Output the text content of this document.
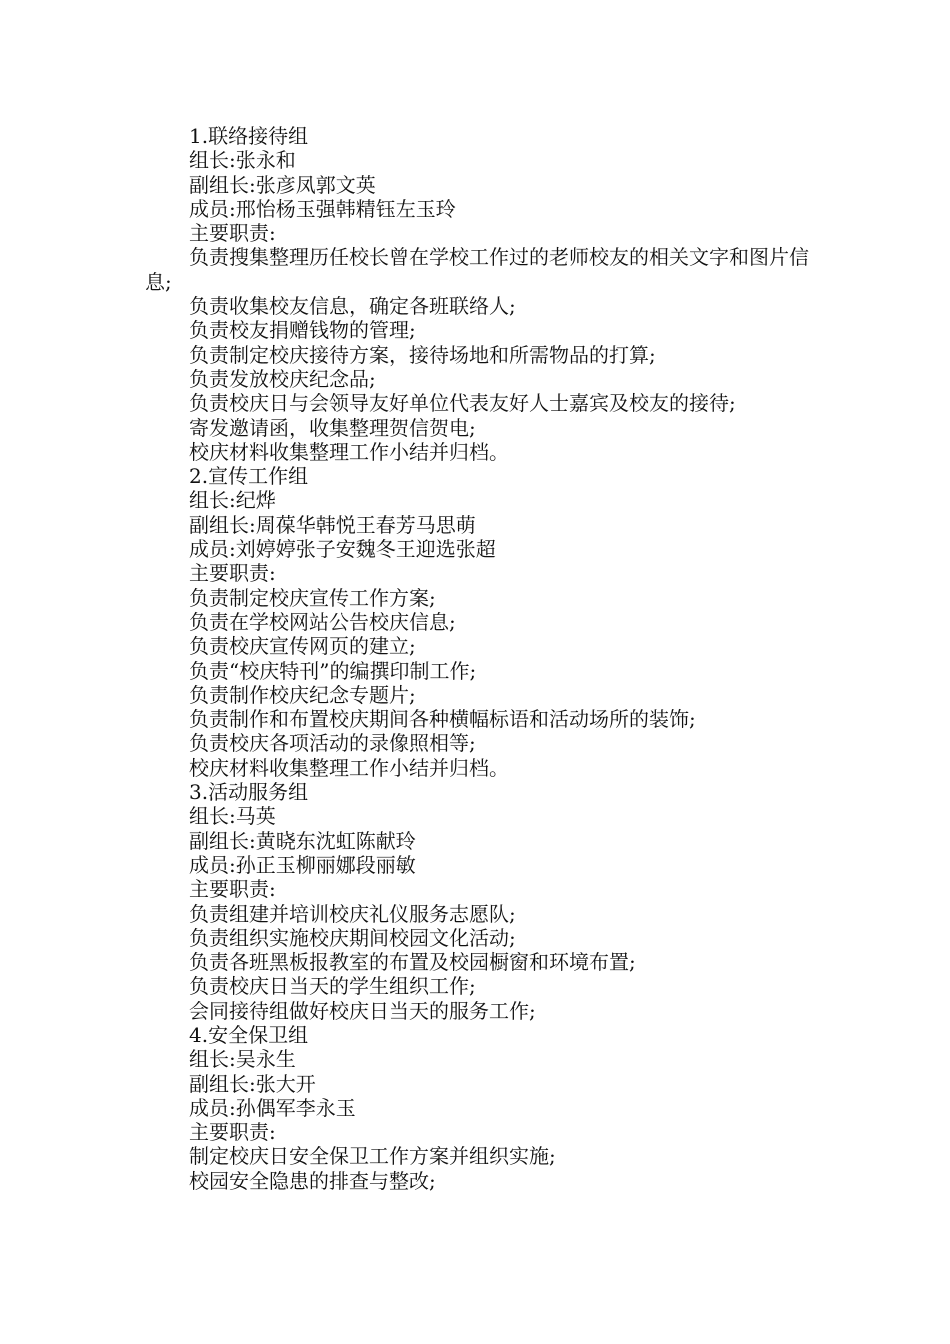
1.联络接待组

组长:张永和

副组长:张彦凤郭文英

成员:邢怡杨玉强韩精钰左玉玲

主要职责:

负责搜集整理历任校长曾在学校工作过的老师校友的相关文字和图片信息;

负责收集校友信息，确定各班联络人;

负责校友捐赠钱物的管理;

负责制定校庆接待方案，接待场地和所需物品的打算;

负责发放校庆纪念品;

负责校庆日与会领导友好单位代表友好人士嘉宾及校友的接待;

寄发邀请函，收集整理贺信贺电;

校庆材料收集整理工作小结并归档。

2.宣传工作组

组长:纪烨

副组长:周葆华韩悦王春芳马思萌

成员:刘婷婷张子安魏冬王迎选张超

主要职责:

负责制定校庆宣传工作方案;

负责在学校网站公告校庆信息;

负责校庆宣传网页的建立;

负责“校庆特刊”的编撰印制工作;

负责制作校庆纪念专题片;

负责制作和布置校庆期间各种横幅标语和活动场所的装饰;

负责校庆各项活动的录像照相等;

校庆材料收集整理工作小结并归档。

3.活动服务组

组长:马英

副组长:黄晓东沈虹陈献玲

成员:孙正玉柳丽娜段丽敏

主要职责:

负责组建并培训校庆礼仪服务志愿队;

负责组织实施校庆期间校园文化活动;

负责各班黑板报教室的布置及校园橱窗和环境布置;

负责校庆日当天的学生组织工作;

会同接待组做好校庆日当天的服务工作;

4.安全保卫组

组长:吴永生

副组长:张大开

成员:孙偶军李永玉

主要职责:

制定校庆日安全保卫工作方案并组织实施;

校园安全隐患的排查与整改;
